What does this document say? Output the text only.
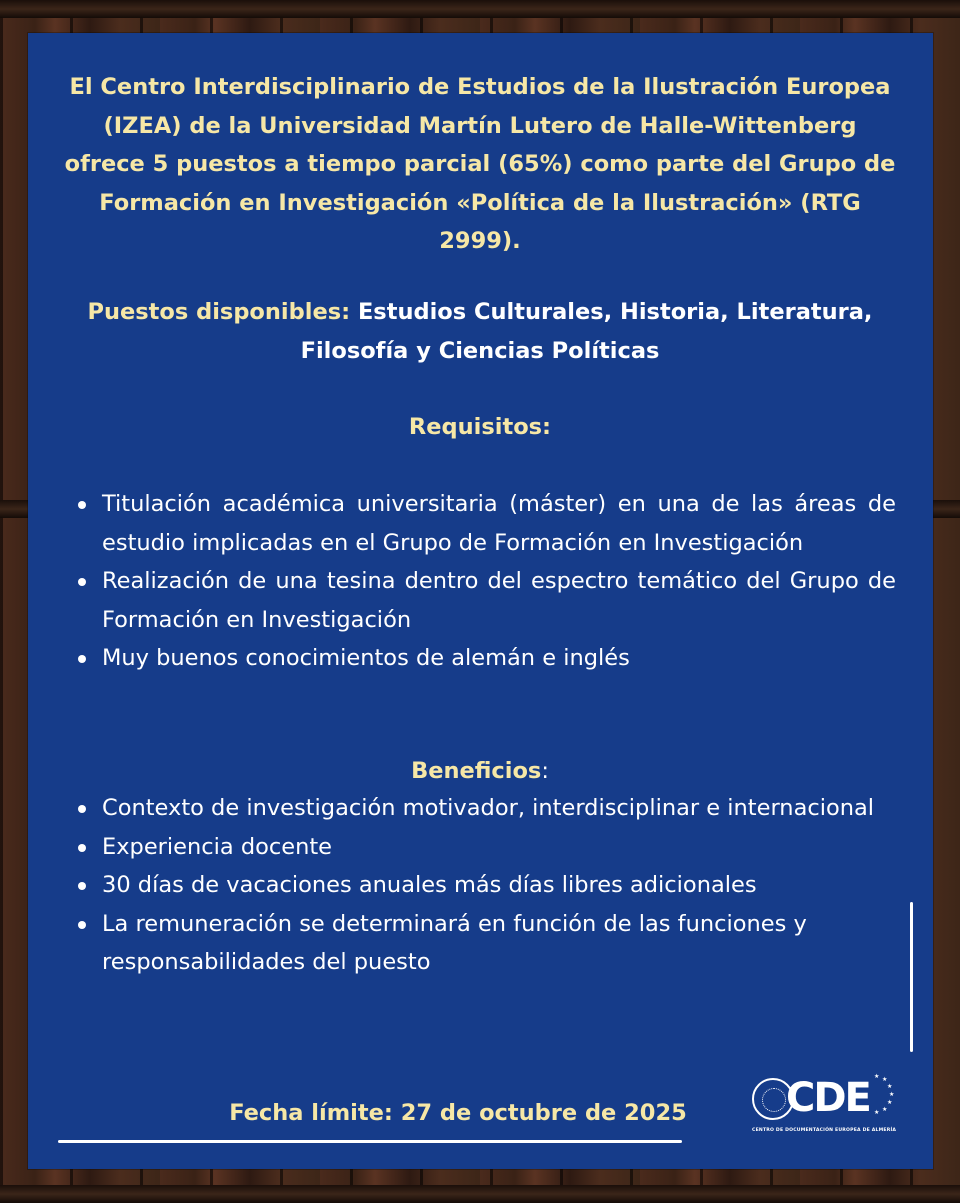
El Centro Interdisciplinario de Estudios de la Ilustración Europea (IZEA) de la Universidad Martín Lutero de Halle-Wittenberg ofrece 5 puestos a tiempo parcial (65%) como parte del Grupo de Formación en Investigación «Política de la Ilustración» (RTG 2999).
Puestos disponibles: Estudios Culturales, Historia, Literatura, Filosofía y Ciencias Políticas
Requisitos:
Titulación académica universitaria (máster) en una de las áreas de estudio implicadas en el Grupo de Formación en Investigación
Realización de una tesina dentro del espectro temático del Grupo de Formación en Investigación
Muy buenos conocimientos de alemán e inglés
Beneficios:
Contexto de investigación motivador, interdisciplinar e internacional
Experiencia docente
30 días de vacaciones anuales más días libres adicionales
La remuneración se determinará en función de las funciones y responsabilidades del puesto
Fecha límite: 27 de octubre de 2025	CDE ★ ★
★
★
★
★
★
CENTRO DE DOCUMENTACIÓN EUROPEA DE ALMERÍA
